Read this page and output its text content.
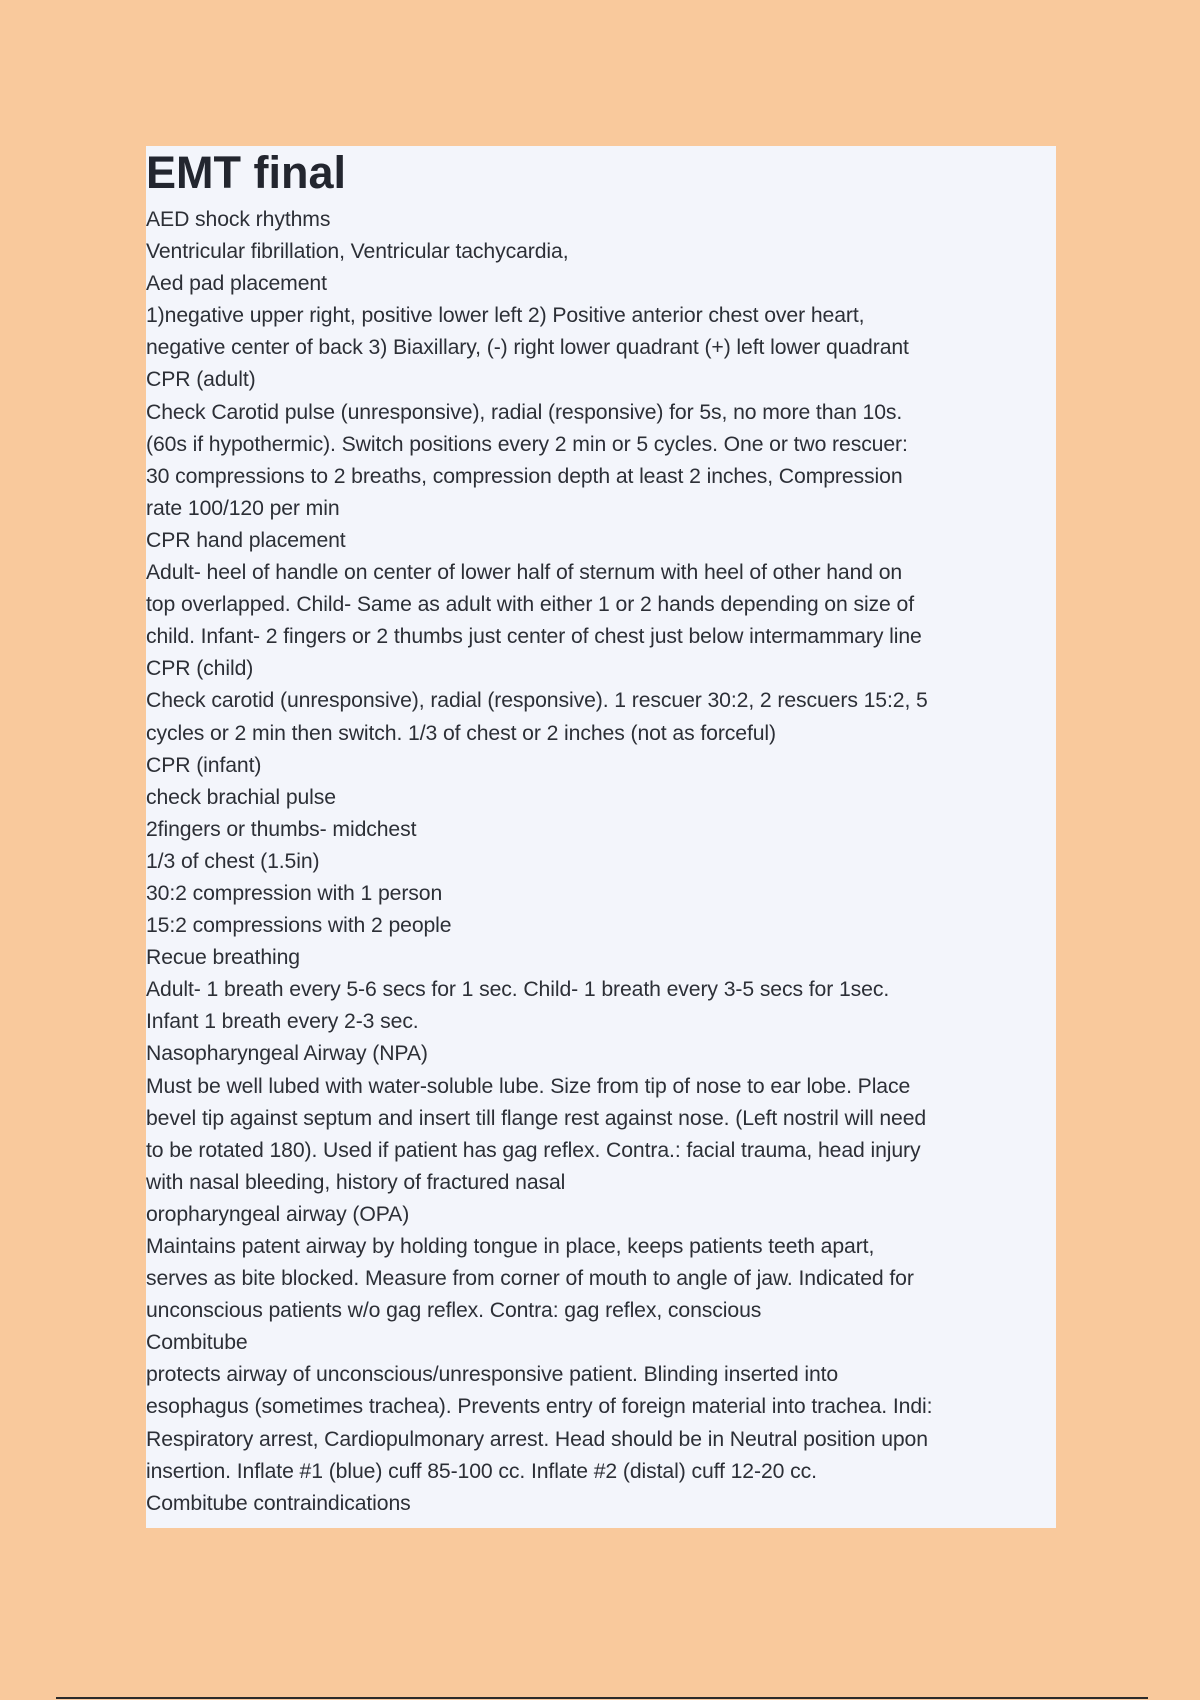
EMT final
AED shock rhythms
Ventricular fibrillation, Ventricular tachycardia,
Aed pad placement
1)negative upper right, positive lower left 2) Positive anterior chest over heart,
negative center of back 3) Biaxillary, (-) right lower quadrant (+) left lower quadrant
CPR (adult)
Check Carotid pulse (unresponsive), radial (responsive) for 5s, no more than 10s.
(60s if hypothermic). Switch positions every 2 min or 5 cycles. One or two rescuer:
30 compressions to 2 breaths, compression depth at least 2 inches, Compression
rate 100/120 per min
CPR hand placement
Adult- heel of handle on center of lower half of sternum with heel of other hand on
top overlapped. Child- Same as adult with either 1 or 2 hands depending on size of
child. Infant- 2 fingers or 2 thumbs just center of chest just below intermammary line
CPR (child)
Check carotid (unresponsive), radial (responsive). 1 rescuer 30:2, 2 rescuers 15:2, 5
cycles or 2 min then switch. 1/3 of chest or 2 inches (not as forceful)
CPR (infant)
check brachial pulse
2fingers or thumbs- midchest
1/3 of chest (1.5in)
30:2 compression with 1 person
15:2 compressions with 2 people
Recue breathing
Adult- 1 breath every 5-6 secs for 1 sec. Child- 1 breath every 3-5 secs for 1sec.
Infant 1 breath every 2-3 sec.
Nasopharyngeal Airway (NPA)
Must be well lubed with water-soluble lube. Size from tip of nose to ear lobe. Place
bevel tip against septum and insert till flange rest against nose. (Left nostril will need
to be rotated 180). Used if patient has gag reflex. Contra.: facial trauma, head injury
with nasal bleeding, history of fractured nasal
oropharyngeal airway (OPA)
Maintains patent airway by holding tongue in place, keeps patients teeth apart,
serves as bite blocked. Measure from corner of mouth to angle of jaw. Indicated for
unconscious patients w/o gag reflex. Contra: gag reflex, conscious
Combitube
protects airway of unconscious/unresponsive patient. Blinding inserted into
esophagus (sometimes trachea). Prevents entry of foreign material into trachea. Indi:
Respiratory arrest, Cardiopulmonary arrest. Head should be in Neutral position upon
insertion. Inflate #1 (blue) cuff 85-100 cc. Inflate #2 (distal) cuff 12-20 cc.
Combitube contraindications
